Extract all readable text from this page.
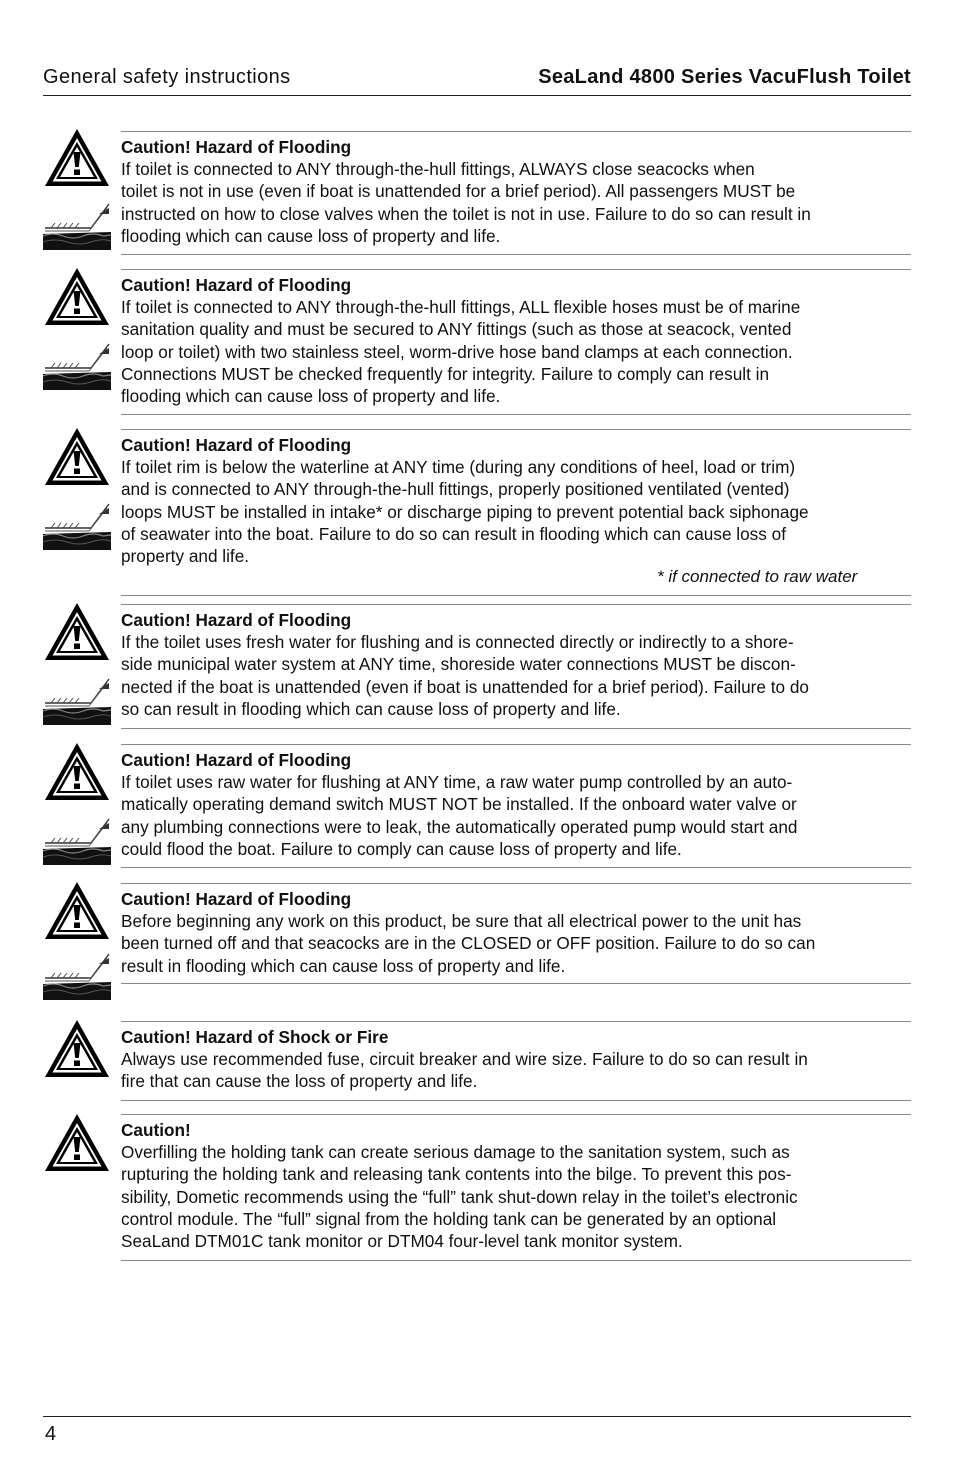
General safety instructions	SeaLand 4800 Series VacuFlush Toilet
Caution! Hazard of Flooding
If toilet is connected to ANY through-the-hull fittings, ALWAYS close seacocks when
toilet is not in use (even if boat is unattended for a brief period). All passengers MUST be
instructed on how to close valves when the toilet is not in use. Failure to do so can result in
flooding which can cause loss of property and life.
Caution! Hazard of Flooding
If toilet is connected to ANY through-the-hull fittings, ALL flexible hoses must be of marine
sanitation quality and must be secured to ANY fittings (such as those at seacock, vented
loop or toilet) with two stainless steel, worm-drive hose band clamps at each connection.
Connections MUST be checked frequently for integrity. Failure to comply can result in
flooding which can cause loss of property and life.
Caution! Hazard of Flooding
If toilet rim is below the waterline at ANY time (during any conditions of heel, load or trim)
and is connected to ANY through-the-hull fittings, properly positioned ventilated (vented)
loops MUST be installed in intake* or discharge piping to prevent potential back siphonage
of seawater into the boat. Failure to do so can result in flooding which can cause loss of
property and life.
* if connected to raw water
Caution! Hazard of Flooding
If the toilet uses fresh water for flushing and is connected directly or indirectly to a shore-
side municipal water system at ANY time, shoreside water connections MUST be discon-
nected if the boat is unattended (even if boat is unattended for a brief period). Failure to do
so can result in flooding which can cause loss of property and life.
Caution! Hazard of Flooding
If toilet uses raw water for flushing at ANY time, a raw water pump controlled by an auto-
matically operating demand switch MUST NOT be installed. If the onboard water valve or
any plumbing connections were to leak, the automatically operated pump would start and
could flood the boat. Failure to comply can cause loss of property and life.
Caution! Hazard of Flooding
Before beginning any work on this product, be sure that all electrical power to the unit has
been turned off and that seacocks are in the CLOSED or OFF position. Failure to do so can
result in flooding which can cause loss of property and life.
Caution! Hazard of Shock or Fire
Always use recommended fuse, circuit breaker and wire size. Failure to do so can result in
fire that can cause the loss of property and life.
Caution!
Overfilling the holding tank can create serious damage to the sanitation system, such as
rupturing the holding tank and releasing tank contents into the bilge. To prevent this pos-
sibility, Dometic recommends using the “full” tank shut-down relay in the toilet’s electronic
control module. The “full” signal from the holding tank can be generated by an optional
SeaLand DTM01C tank monitor or DTM04 four-level tank monitor system.
4
